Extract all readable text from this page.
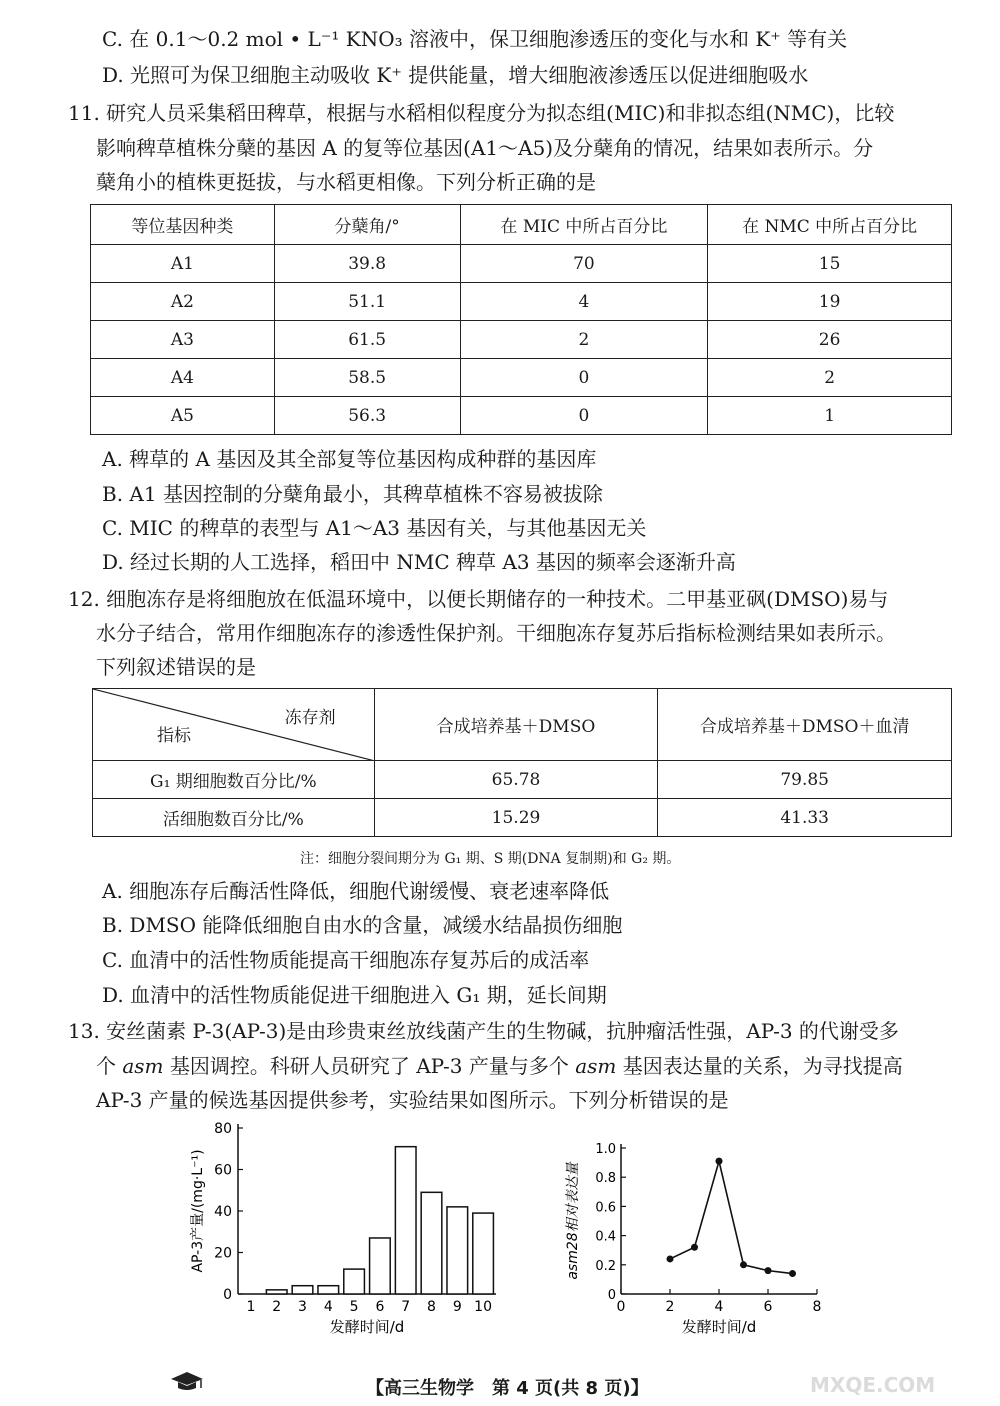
C. 在 0.1～0.2 mol • L⁻¹ KNO₃ 溶液中，保卫细胞渗透压的变化与水和 K⁺ 等有关
D. 光照可为保卫细胞主动吸收 K⁺ 提供能量，增大细胞液渗透压以促进细胞吸水
11. 研究人员采集稻田稗草，根据与水稻相似程度分为拟态组(MIC)和非拟态组(NMC)，比较
影响稗草植株分蘖的基因 A 的复等位基因(A1～A5)及分蘖角的情况，结果如表所示。分
蘖角小的植株更挺拔，与水稻更相像。下列分析正确的是
等位基因种类	分蘖角/°	在 MIC 中所占百分比	在 NMC 中所占百分比
A1	39.8	70	15
A2	51.1	4	19
A3	61.5	2	26
A4	58.5	0	2
A5	56.3	0	1
A. 稗草的 A 基因及其全部复等位基因构成种群的基因库
B. A1 基因控制的分蘖角最小，其稗草植株不容易被拔除
C. MIC 的稗草的表型与 A1～A3 基因有关，与其他基因无关
D. 经过长期的人工选择，稻田中 NMC 稗草 A3 基因的频率会逐渐升高
12. 细胞冻存是将细胞放在低温环境中，以便长期储存的一种技术。二甲基亚砜(DMSO)易与
水分子结合，常用作细胞冻存的渗透性保护剂。干细胞冻存复苏后指标检测结果如表所示。
下列叙述错误的是
冻存剂
指标	合成培养基＋DMSO	合成培养基＋DMSO＋血清
G₁ 期细胞数百分比/%	65.78	79.85
活细胞数百分比/%	15.29	41.33
注：细胞分裂间期分为 G₁ 期、S 期(DNA 复制期)和 G₂ 期。
A. 细胞冻存后酶活性降低，细胞代谢缓慢、衰老速率降低
B. DMSO 能降低细胞自由水的含量，减缓水结晶损伤细胞
C. 血清中的活性物质能提高干细胞冻存复苏后的成活率
D. 血清中的活性物质能促进干细胞进入 G₁ 期，延长间期
13. 安丝菌素 P-3(AP-3)是由珍贵束丝放线菌产生的生物碱，抗肿瘤活性强，AP-3 的代谢受多
个 asm 基因调控。科研人员研究了 AP-3 产量与多个 asm 基因表达量的关系，为寻找提高
AP-3 产量的候选基因提供参考，实验结果如图所示。下列分析错误的是
0
20
40
60
80
1 2 3 4 5 6 7 8 9 10
发酵时间/d
AP-3产量/(mg·L⁻¹)
0
0.2
0.4
0.6
0.8
1.0
0	2	4	6	8
发酵时间/d
asm28相对表达量
【高三生物学　第 4 页(共 8 页)】	MXQE.COM
